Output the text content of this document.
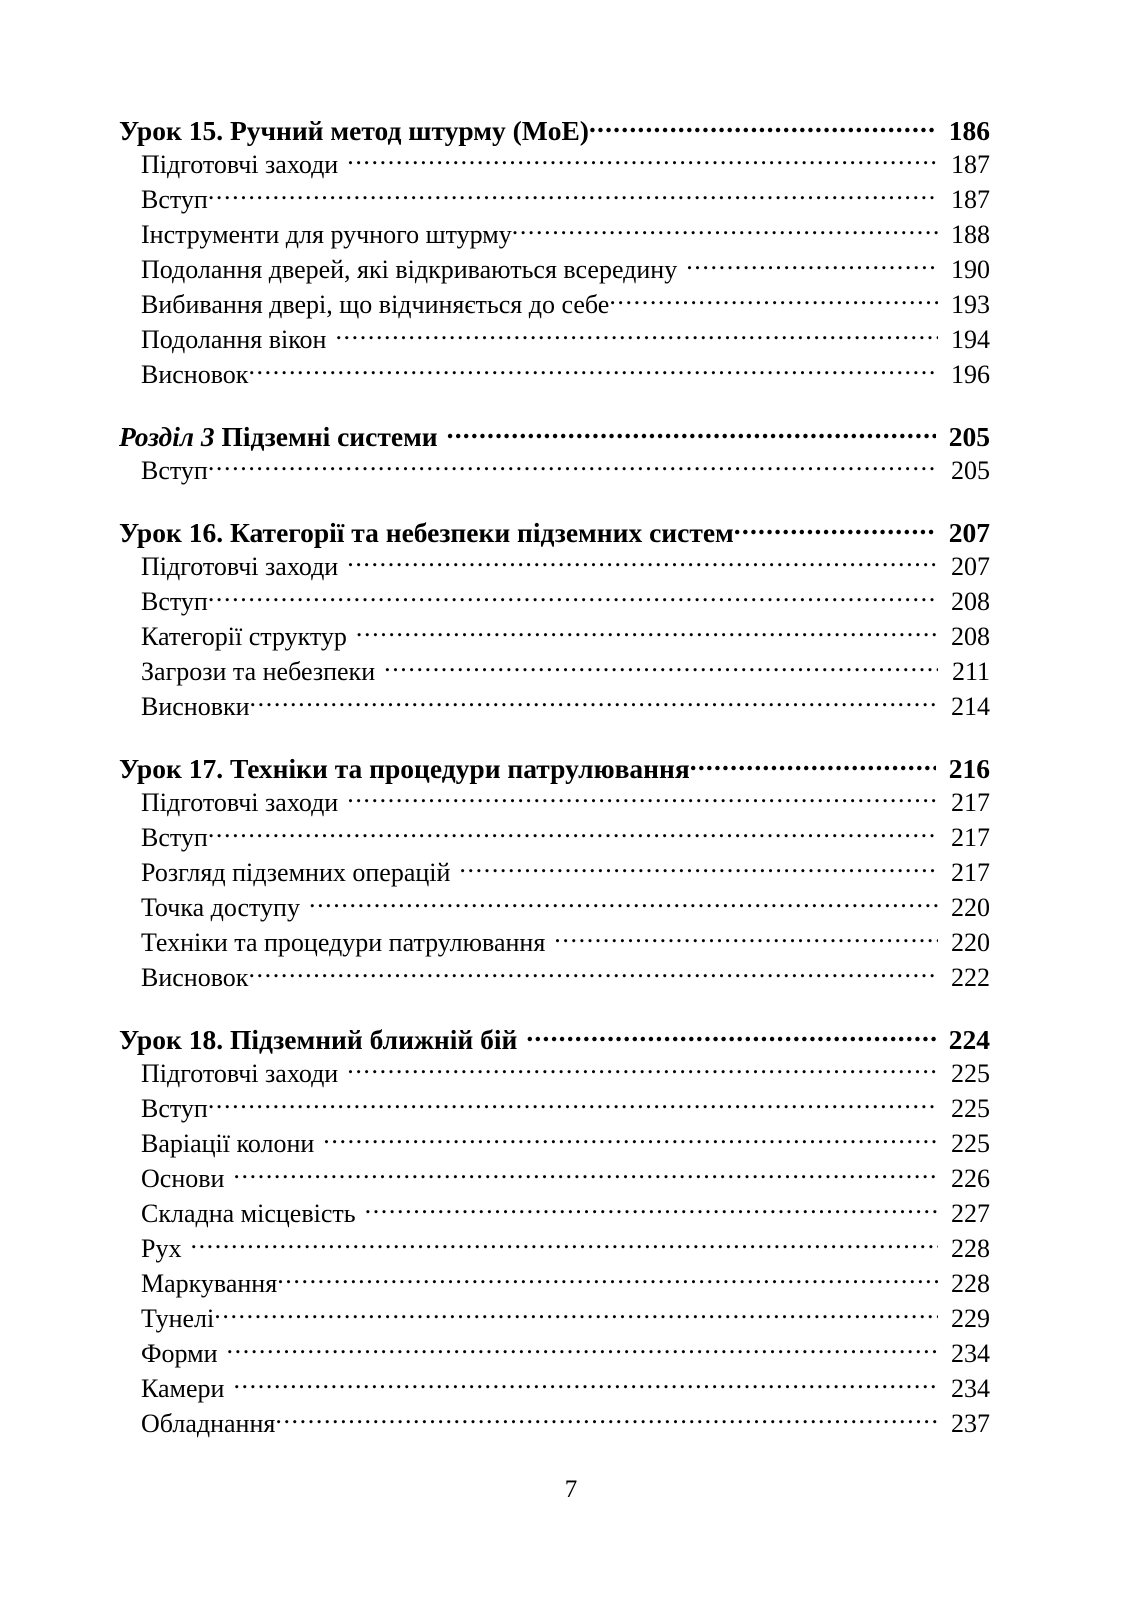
Урок 15. Ручний метод штурму (MoE) .....	186
Підготовчі заходи .....	187
Вступ .....	187
Інструменти для ручного штурму .....	188
Подолання дверей, які відкриваються всередину .....	190
Вибивання двері, що відчиняється до себе .....	193
Подолання вікон .....	194
Висновок .....	196
Розділ 3 Підземні системи .....	205
Вступ .....	205
Урок 16. Категорії та небезпеки підземних систем .....	207
Підготовчі заходи .....	207
Вступ .....	208
Категорії структур .....	208
Загрози та небезпеки .....	211
Висновки .....	214
Урок 17. Техніки та процедури патрулювання .....	216
Підготовчі заходи .....	217
Вступ .....	217
Розгляд підземних операцій .....	217
Точка доступу .....	220
Техніки та процедури патрулювання .....	220
Висновок .....	222
Урок 18. Підземний ближній бій .....	224
Підготовчі заходи .....	225
Вступ .....	225
Варіації колони .....	225
Основи .....	226
Складна місцевість .....	227
Рух .....	228
Маркування .....	228
Тунелі .....	229
Форми .....	234
Камери .....	234
Обладнання .....	237
7
